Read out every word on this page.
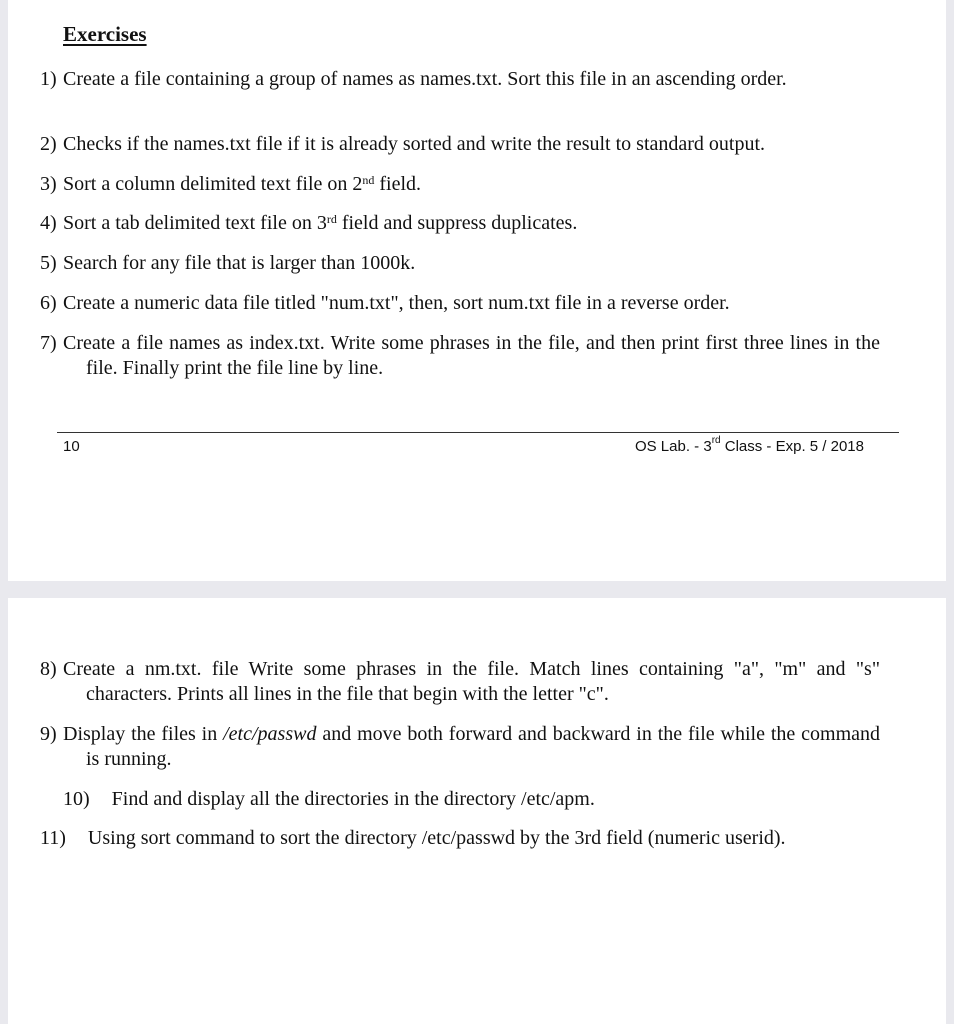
Exercises

1) Create a file containing a group of names as names.txt. Sort this file in an ascending order.

2) Checks if the names.txt file if it is already sorted and write the result to standard output.

3) Sort a column delimited text file on 2nd field.

4) Sort a tab delimited text file on 3rd field and suppress duplicates.

5) Search for any file that is larger than 1000k.

6) Create a numeric data file titled "num.txt", then, sort num.txt file in a reverse order.

7) Create a file names as index.txt. Write some phrases in the file, and then print first three lines in the file. Finally print the file line by line.

10	OS Lab. - 3rd Class - Exp. 5 / 2018

8) Create a nm.txt. file Write some phrases in the file. Match lines containing "a", "m" and "s" characters. Prints all lines in the file that begin with the letter "c".

9) Display the files in /etc/passwd and move both forward and backward in the file while the command is running.

10) Find and display all the directories in the directory /etc/apm.

11) Using sort command to sort the directory /etc/passwd by the 3rd field (numeric userid).
